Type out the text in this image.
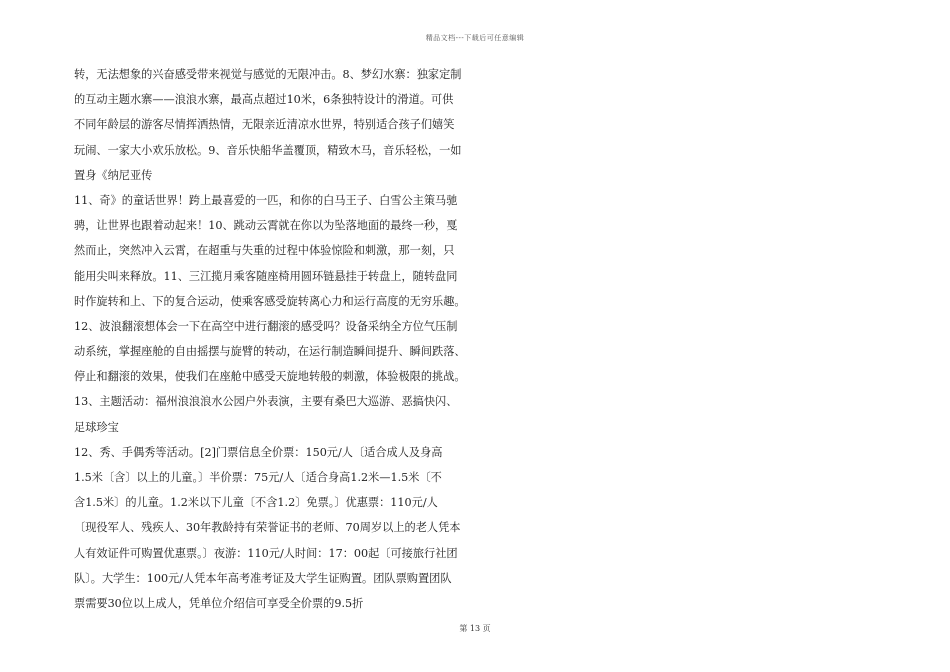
精品文档---下载后可任意编辑
转，无法想象的兴奋感受带来视觉与感觉的无限冲击。8、梦幻水寨：独家定制
的互动主题水寨——浪浪水寨，最高点超过10米，6条独特设计的滑道。可供
不同年龄层的游客尽情挥洒热情，无限亲近清凉水世界，特别适合孩子们嬉笑
玩闹、一家大小欢乐放松。9、音乐快船华盖覆顶，精致木马，音乐轻松，一如
置身《纳尼亚传
11、奇》的童话世界！跨上最喜爱的一匹，和你的白马王子、白雪公主策马驰
骋，让世界也跟着动起来！10、跳动云霄就在你以为坠落地面的最终一秒，戛
然而止，突然冲入云霄，在超重与失重的过程中体验惊险和刺激，那一刻，只
能用尖叫来释放。11、三江揽月乘客随座椅用圆环链悬挂于转盘上，随转盘同
时作旋转和上、下的复合运动，使乘客感受旋转离心力和运行高度的无穷乐趣。
12、波浪翻滚想体会一下在高空中进行翻滚的感受吗？设备采纳全方位气压制
动系统，掌握座舱的自由摇摆与旋臂的转动，在运行制造瞬间提升、瞬间跌落、
停止和翻滚的效果，使我们在座舱中感受天旋地转般的刺激，体验极限的挑战。
13、主题活动：福州浪浪浪水公园户外表演，主要有桑巴大巡游、恶搞快闪、
足球珍宝
12、秀、手偶秀等活动。[2]门票信息全价票：150元/人〔适合成人及身高
1.5米〔含〕以上的儿童。〕半价票：75元/人〔适合身高1.2米—1.5米〔不
含1.5米〕的儿童。1.2米以下儿童〔不含1.2〕免票。〕优惠票：110元/人
〔现役军人、残疾人、30年教龄持有荣誉证书的老师、70周岁以上的老人凭本
人有效证件可购置优惠票。〕夜游：110元/人时间：17：00起〔可接旅行社团
队〕。大学生：100元/人凭本年高考准考证及大学生证购置。团队票购置团队
票需要30位以上成人，凭单位介绍信可享受全价票的9.5折
第 13 页
